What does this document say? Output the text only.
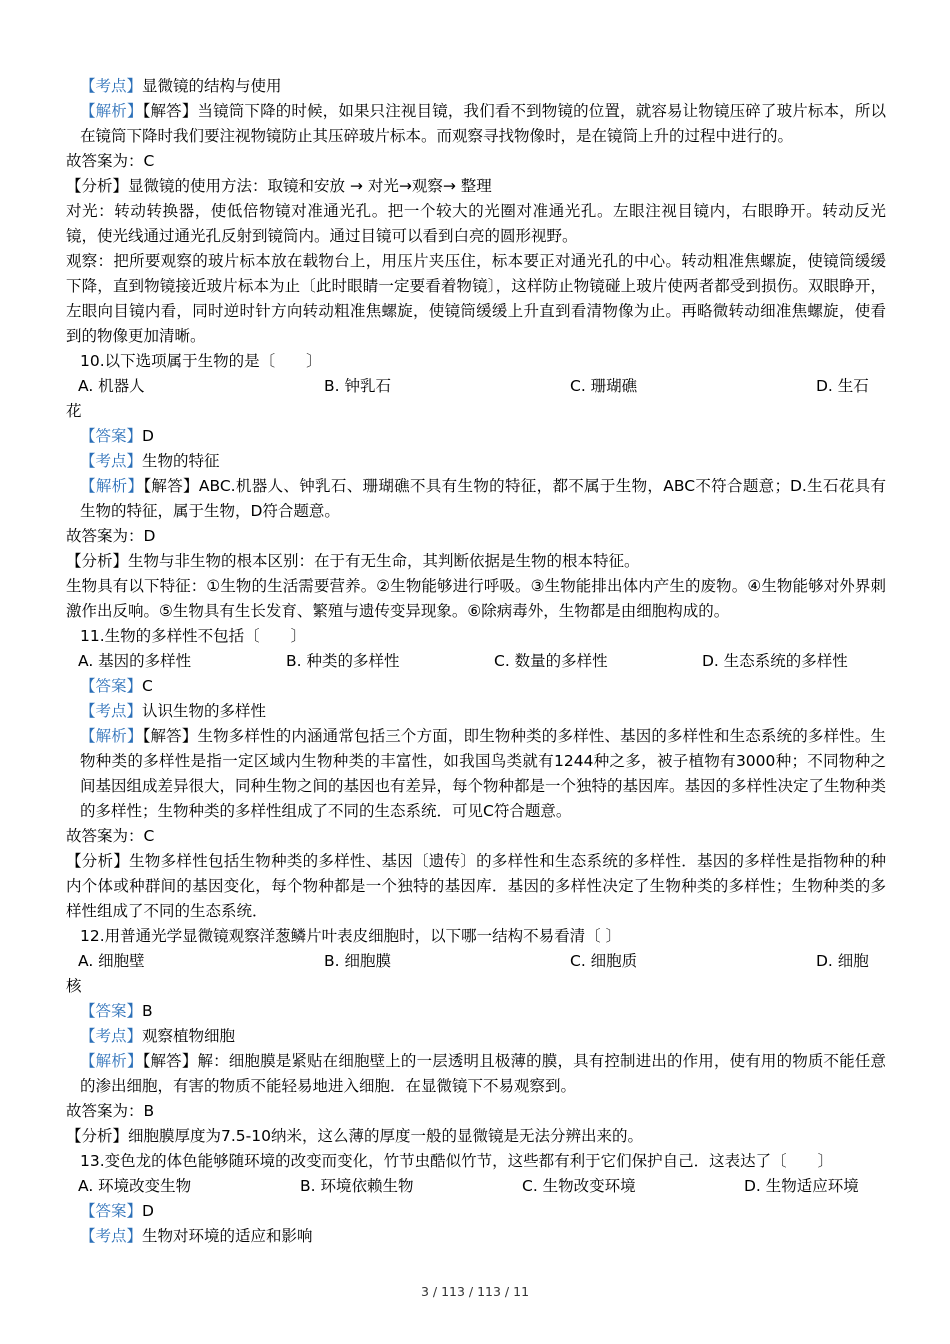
【考点】显微镜的结构与使用
【解析】【解答】当镜筒下降的时候，如果只注视目镜，我们看不到物镜的位置，就容易让物镜压碎了玻片标本，所以在镜筒下降时我们要注视物镜防止其压碎玻片标本。而观察寻找物像时，是在镜筒上升的过程中进行的。
故答案为：C
【分析】显微镜的使用方法：取镜和安放 → 对光→观察→ 整理
对光：转动转换器，使低倍物镜对准通光孔。把一个较大的光圈对准通光孔。左眼注视目镜内，右眼睁开。转动反光镜，使光线通过通光孔反射到镜筒内。通过目镜可以看到白亮的圆形视野。
观察：把所要观察的玻片标本放在载物台上，用压片夹压住，标本要正对通光孔的中心。转动粗准焦螺旋，使镜筒缓缓下降，直到物镜接近玻片标本为止〔此时眼睛一定要看着物镜〕，这样防止物镜碰上玻片使两者都受到损伤。双眼睁开，左眼向目镜内看，同时逆时针方向转动粗准焦螺旋，使镜筒缓缓上升直到看清物像为止。再略微转动细准焦螺旋，使看到的物像更加清晰。
10.以下选项属于生物的是〔　　〕
A. 机器人	B. 钟乳石	C. 珊瑚礁	D. 生石
花
【答案】D
【考点】生物的特征
【解析】【解答】ABC.机器人、钟乳石、珊瑚礁不具有生物的特征，都不属于生物，ABC不符合题意；D.生石花具有生物的特征，属于生物，D符合题意。
故答案为：D
【分析】生物与非生物的根本区别：在于有无生命，其判断依据是生物的根本特征。
生物具有以下特征：①生物的生活需要营养。②生物能够进行呼吸。③生物能排出体内产生的废物。④生物能够对外界刺激作出反响。⑤生物具有生长发育、繁殖与遗传变异现象。⑥除病毒外，生物都是由细胞构成的。
11.生物的多样性不包括〔　　〕
A. 基因的多样性	B. 种类的多样性	C. 数量的多样性	D. 生态系统的多样性
【答案】C
【考点】认识生物的多样性
【解析】【解答】生物多样性的内涵通常包括三个方面，即生物种类的多样性、基因的多样性和生态系统的多样性。生物种类的多样性是指一定区域内生物种类的丰富性，如我国鸟类就有1244种之多，被子植物有3000种；不同物种之间基因组成差异很大，同种生物之间的基因也有差异，每个物种都是一个独特的基因库。基因的多样性决定了生物种类的多样性；生物种类的多样性组成了不同的生态系统．可见C符合题意。
故答案为：C
【分析】生物多样性包括生物种类的多样性、基因〔遗传〕的多样性和生态系统的多样性．基因的多样性是指物种的种内个体或种群间的基因变化，每个物种都是一个独特的基因库．基因的多样性决定了生物种类的多样性；生物种类的多样性组成了不同的生态系统．
12.用普通光学显微镜观察洋葱鳞片叶表皮细胞时，以下哪一结构不易看清〔 〕
A. 细胞壁	B. 细胞膜	C. 细胞质	D. 细胞
核
【答案】B
【考点】观察植物细胞
【解析】【解答】解：细胞膜是紧贴在细胞壁上的一层透明且极薄的膜，具有控制进出的作用，使有用的物质不能任意的渗出细胞，有害的物质不能轻易地进入细胞．在显微镜下不易观察到。
故答案为：B
【分析】细胞膜厚度为7.5-10纳米，这么薄的厚度一般的显微镜是无法分辨出来的。
13.变色龙的体色能够随环境的改变而变化，竹节虫酷似竹节，这些都有利于它们保护自己．这表达了〔　　〕
A. 环境改变生物	B. 环境依赖生物	C. 生物改变环境	D. 生物适应环境
【答案】D
【考点】生物对环境的适应和影响
3 / 113 / 113 / 11
